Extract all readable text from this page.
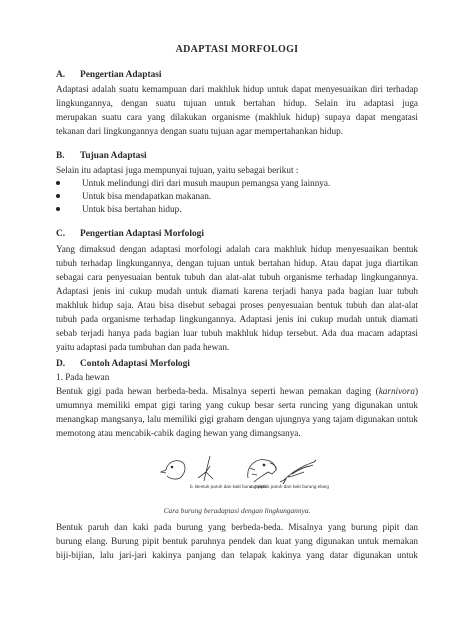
ADAPTASI MORFOLOGI
A. Pengertian Adaptasi
Adaptasi adalah suatu kemampuan dari makhluk hidup untuk dapat menyesuaikan diri terhadap
lingkungannya, dengan suatu tujuan untuk bertahan hidup. Selain itu adaptasi juga
merupakan suatu cara yang dilakukan organisme (makhluk hidup) supaya dapat mengatasi
tekanan dari lingkungannya dengan suatu tujuan agar mempertahankan hidup.
B. Tujuan Adaptasi
Selain itu adaptasi juga mempunyai tujuan, yaitu sebagai berikut :
Untuk melindungi diri dari musuh maupun pemangsa yang lainnya.
Untuk bisa mendapatkan makanan.
Untuk bisa bertahan hidup.
C. Pengertian Adaptasi Morfologi
Yang dimaksud dengan adaptasi morfologi adalah cara makhluk hidup menyesuaikan bentuk
tubuh terhadap lingkungannya, dengan tujuan untuk bertahan hidup. Atau dapat juga diartikan
sebagai cara penyesuaian bentuk tubuh dan alat-alat tubuh organisme terhadap lingkungannya.
Adaptasi jenis ini cukup mudah untuk diamati karena terjadi hanya pada bagian luar tubuh
makhluk hidup saja. Atau bisa disebut sebagai proses penyesuaian bentuk tubuh dan alat-alat
tubuh pada organisme terhadap lingkungannya. Adaptasi jenis ini cukup mudah untuk diamati
sebab terjadi hanya pada bagian luar tubuh makhluk hidup tersebut. Ada dua macam adaptasi
yaitu adaptasi pada tumbuhan dan pada hewan.
D. Contoh Adaptasi Morfologi
1. Pada hewan
Bentuk gigi pada hewan berbeda-beda. Misalnya seperti hewan pemakan daging (karnivora)
umumnya memiliki empat gigi taring yang cukup besar serta runcing yang digunakan untuk
menangkap mangsanya, lalu memiliki gigi graham dengan ujungnya yang tajam digunakan untuk
memotong atau mencabik-cabik daging hewan yang dimangsanya.
b. Bentuk paruh dan kaki burung pipit
a. Bentuk paruh dan kaki burung elang
Cara burung beradaptasi dengan lingkungannya.
Bentuk paruh dan kaki pada burung yang berbeda-beda. Misalnya yang burung pipit dan
burung elang. Burung pipit bentuk paruhnya pendek dan kuat yang digunakan untuk memakan
biji-bijian, lalu jari-jari kakinya panjang dan telapak kakinya yang datar digunakan untuk
